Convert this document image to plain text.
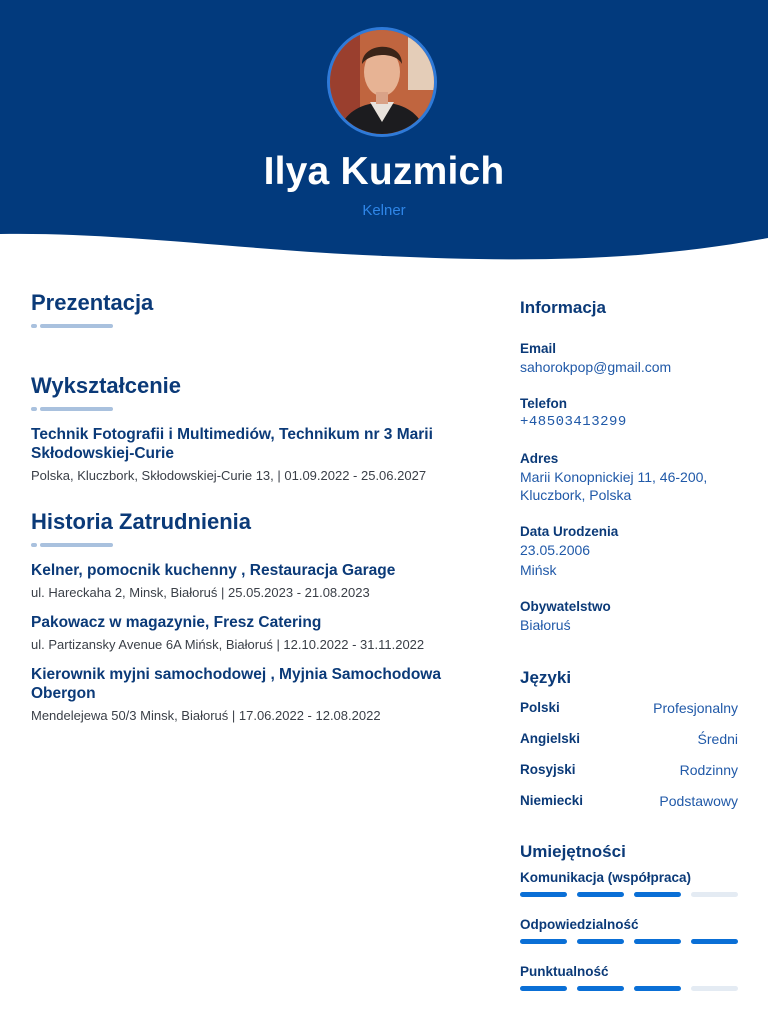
Ilya Kuzmich
Kelner
Prezentacja
Wykształcenie
Technik Fotografii i Multimediów, Technikum nr 3 Marii Skłodowskiej-Curie
Polska, Kluczbork, Skłodowskiej-Curie 13, | 01.09.2022 - 25.06.2027
Historia Zatrudnienia
Kelner, pomocnik kuchenny , Restauracja Garage
ul. Hareckaha 2, Minsk, Białoruś | 25.05.2023 - 21.08.2023
Pakowacz w magazynie, Fresz Catering
ul. Partizansky Avenue 6A Mińsk, Białoruś | 12.10.2022 - 31.11.2022
Kierownik myjni samochodowej , Myjnia Samochodowa Obergon
Mendelejewa 50/3 Minsk, Białoruś | 17.06.2022 - 12.08.2022
Informacja
Email
sahorokpop@gmail.com
Telefon
+48503413299
Adres
Marii Konopnickiej 11, 46-200, Kluczbork, Polska
Data Urodzenia
23.05.2006
Mińsk
Obywatelstwo
Białoruś
Języki
Polski	Profesjonalny
Angielski	Średni
Rosyjski	Rodzinny
Niemiecki	Podstawowy
Umiejętności
Komunikacja (współpraca)
Odpowiedzialność
Punktualność
